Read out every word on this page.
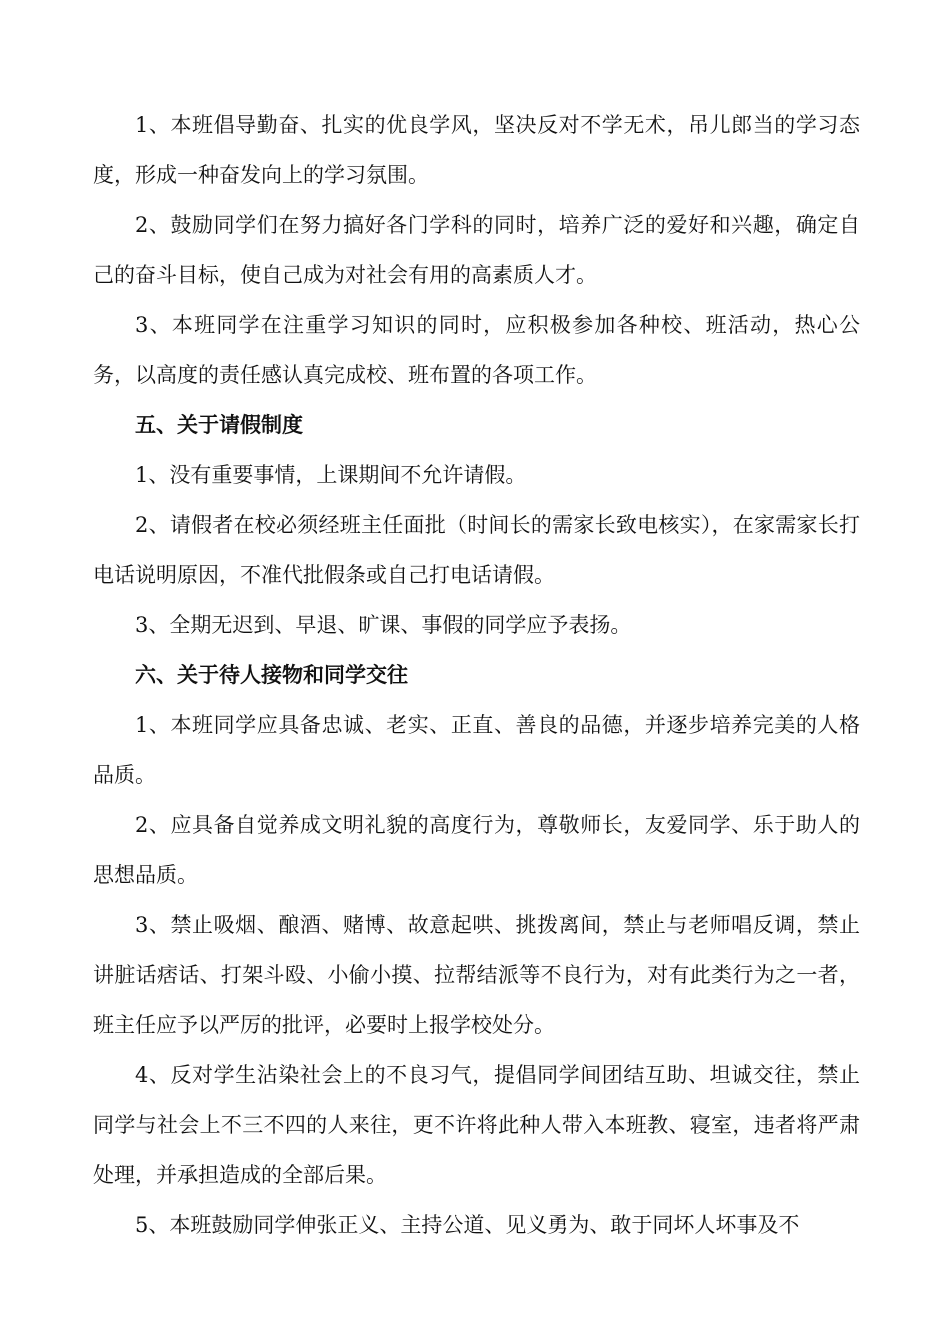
1、本班倡导勤奋、扎实的优良学风，坚决反对不学无术，吊儿郎当的学习态度，形成一种奋发向上的学习氛围。

2、鼓励同学们在努力搞好各门学科的同时，培养广泛的爱好和兴趣，确定自己的奋斗目标，使自己成为对社会有用的高素质人才。

3、本班同学在注重学习知识的同时，应积极参加各种校、班活动，热心公务，以高度的责任感认真完成校、班布置的各项工作。

五、关于请假制度

1、没有重要事情，上课期间不允许请假。

2、请假者在校必须经班主任面批（时间长的需家长致电核实），在家需家长打电话说明原因，不准代批假条或自己打电话请假。

3、全期无迟到、早退、旷课、事假的同学应予表扬。

六、关于待人接物和同学交往

1、本班同学应具备忠诚、老实、正直、善良的品德，并逐步培养完美的人格品质。

2、应具备自觉养成文明礼貌的高度行为，尊敬师长，友爱同学、乐于助人的思想品质。

3、禁止吸烟、酿酒、赌博、故意起哄、挑拨离间，禁止与老师唱反调，禁止讲脏话痞话、打架斗殴、小偷小摸、拉帮结派等不良行为，对有此类行为之一者，班主任应予以严厉的批评，必要时上报学校处分。

4、反对学生沾染社会上的不良习气，提倡同学间团结互助、坦诚交往，禁止同学与社会上不三不四的人来往，更不许将此种人带入本班教、寝室，违者将严肃处理，并承担造成的全部后果。

5、本班鼓励同学伸张正义、主持公道、见义勇为、敢于同坏人坏事及不
